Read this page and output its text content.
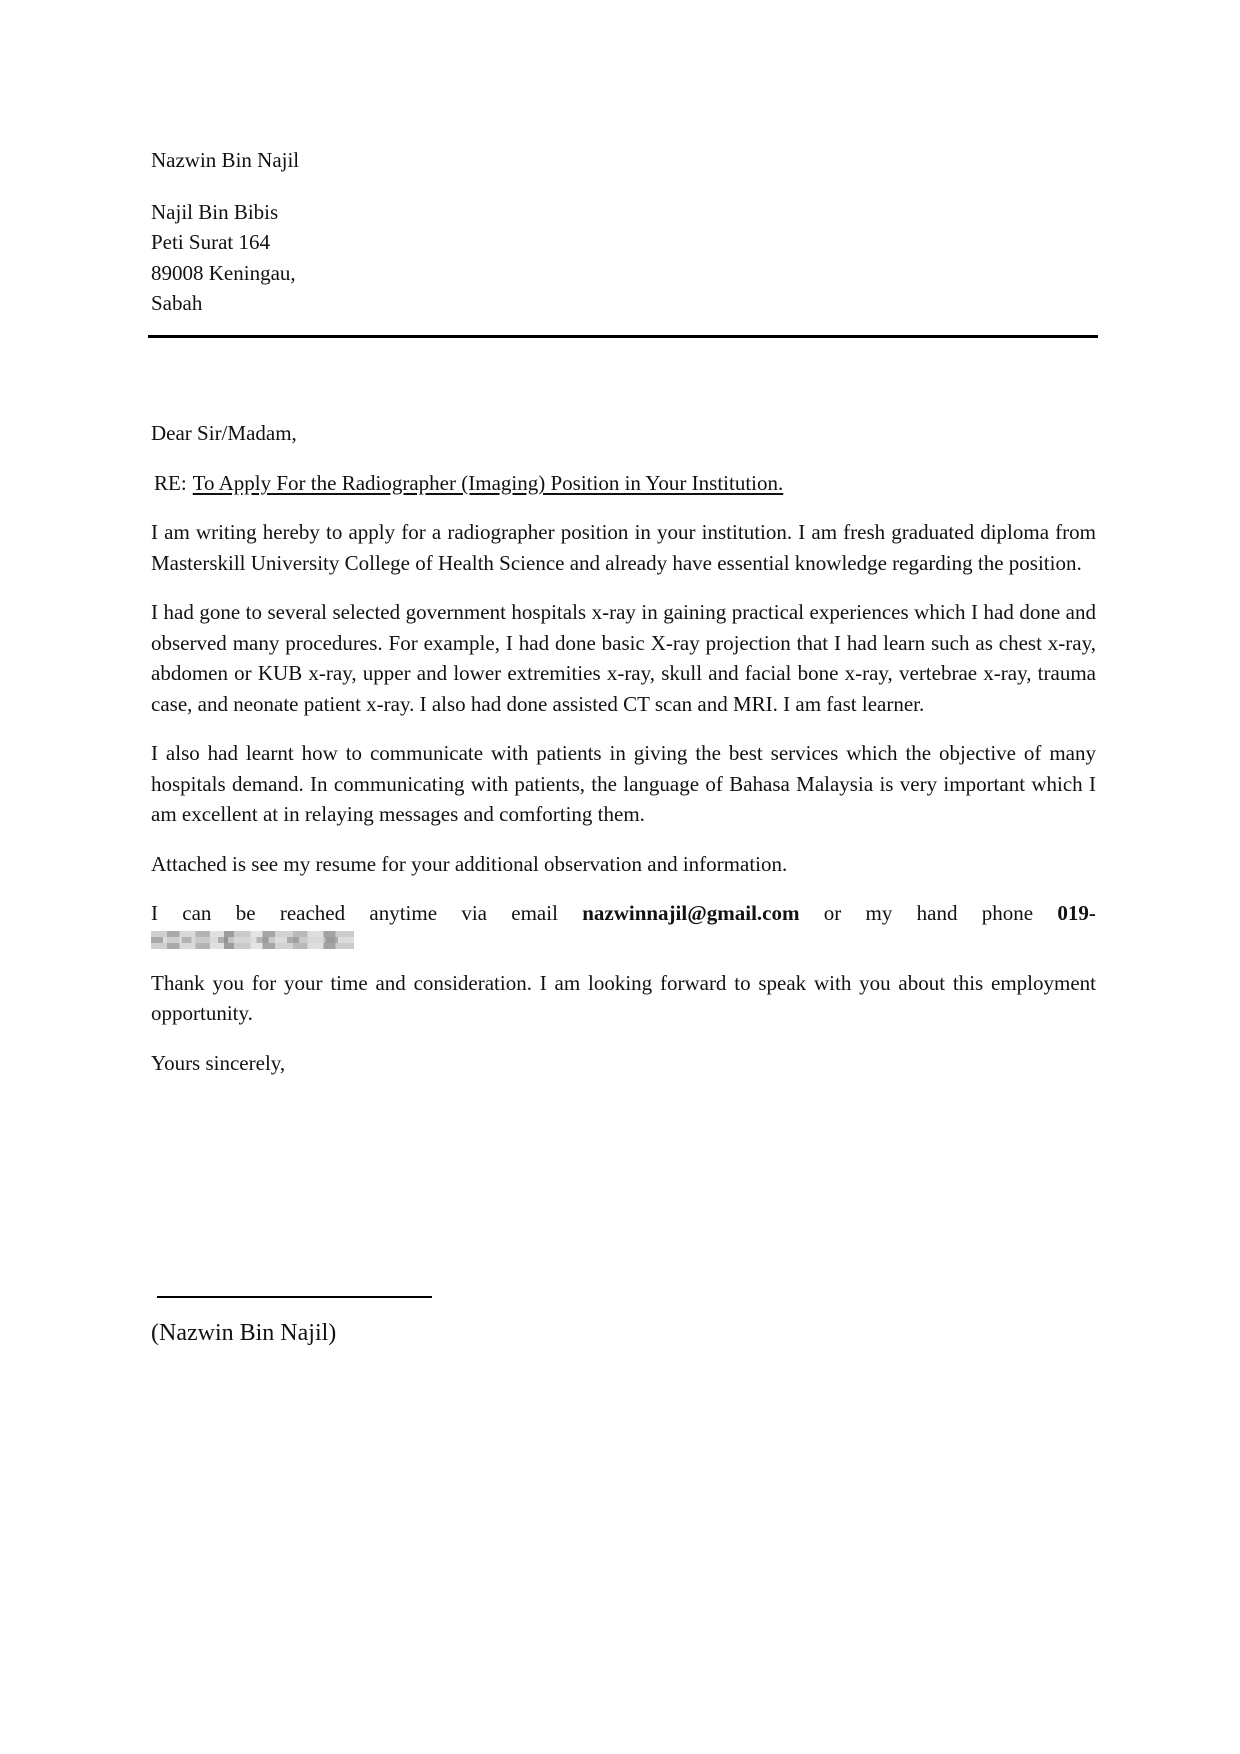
Nazwin Bin Najil
Najil Bin Bibis
Peti Surat 164
89008 Keningau,
Sabah

Dear Sir/Madam,

RE: To Apply For the Radiographer (Imaging) Position in Your Institution.

I am writing hereby to apply for a radiographer position in your institution. I am fresh graduated diploma from Masterskill University College of Health Science and already have essential knowledge regarding the position.

I had gone to several selected government hospitals x-ray in gaining practical experiences which I had done and observed many procedures. For example, I had done basic X-ray projection that I had learn such as chest x-ray, abdomen or KUB x-ray, upper and lower extremities x-ray, skull and facial bone x-ray, vertebrae x-ray, trauma case, and neonate patient x-ray. I also had done assisted CT scan and MRI. I am fast learner.

I also had learnt how to communicate with patients in giving the best services which the objective of many hospitals demand. In communicating with patients, the language of Bahasa Malaysia is very important which I am excellent at in relaying messages and comforting them.

Attached is see my resume for your additional observation and information.

I can be reached anytime via email nazwinnajil@gmail.com or my hand phone 019-

Thank you for your time and consideration. I am looking forward to speak with you about this employment opportunity.

Yours sincerely,

(Nazwin Bin Najil)
